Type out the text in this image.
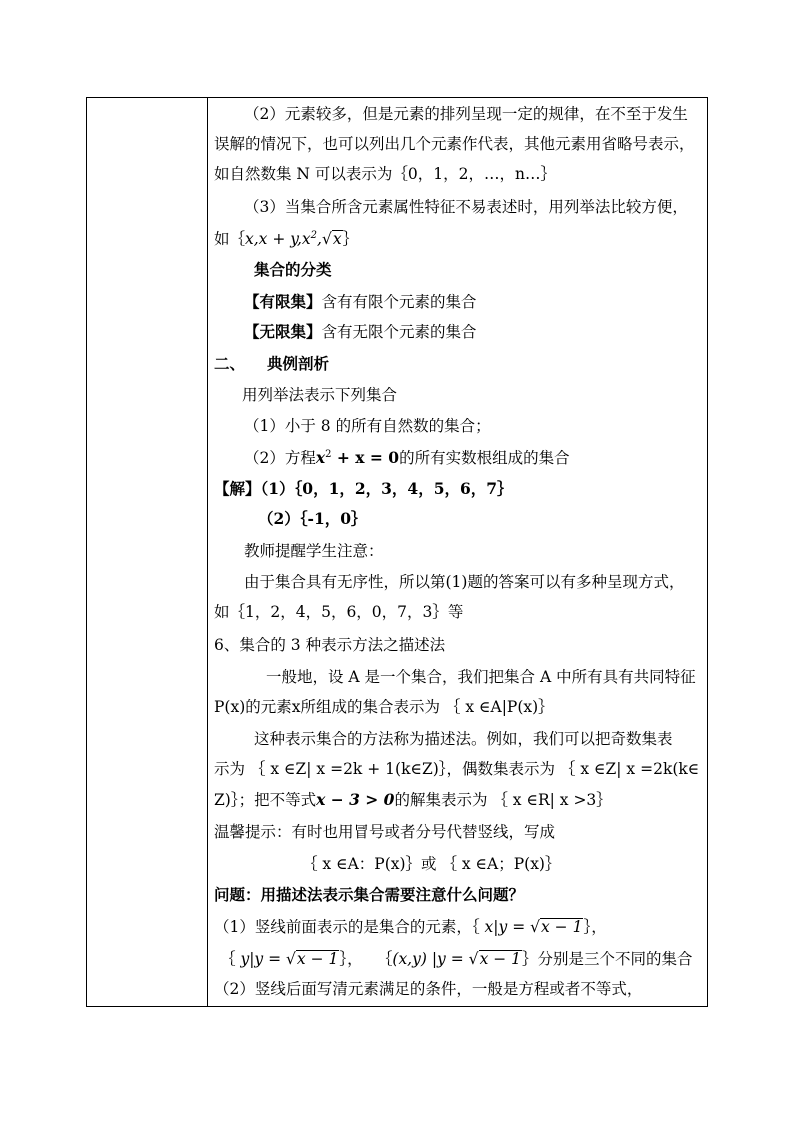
（2）元素较多，但是元素的排列呈现一定的规律，在不至于发生
误解的情况下，也可以列出几个元素作代表，其他元素用省略号表示，
如自然数集 N 可以表示为｛0，1，2，…，n…｝
（3）当集合所含元素属性特征不易表述时，用列举法比较方便，
如｛x,x + $y,x^2,√x\}$
集合的分类
【有限集】含有有限个元素的集合
【无限集】含有无限个元素的集合
二、 典例剖析
用列举法表示下列集合
（1）小于 8 的所有自然数的集合；
（2）方程$x^2 + x = 0$的所有实数根组成的集合
【解】（1）｛0，1，2，3，4，5，6，7｝
（2）｛-1，0｝
教师提醒学生注意：
由于集合具有无序性，所以第(1)题的答案可以有多种呈现方式，
如｛1，2，4，5，6，0，7，3｝等
6、集合的 3 种表示方法之描述法
一般地，设 A 是一个集合，我们把集合 A 中所有具有共同特征
P(x)的元素x所组成的集合表示为 ｛ x ∈A|P(x)｝
这种表示集合的方法称为描述法。例如，我们可以把奇数集表
示为 ｛ x ∈Z| x =2k + 1(k∈Z)｝，偶数集表示为 ｛ x ∈Z| x =2k(k∈
Z)｝；把不等式x − 3 > 0的解集表示为 ｛ x ∈R| x >3｝
温馨提示：有时也用冒号或者分号代替竖线，写成
｛ x ∈A：P(x)｝或 ｛ x ∈A；P(x)｝
问题：用描述法表示集合需要注意什么问题？
（1）竖线前面表示的是集合的元素，｛ x|y = √x − 1｝，
｛ y|y = √x − 1｝， ｛(x,y) |y = √x − 1｝分别是三个不同的集合
（2）竖线后面写清元素满足的条件，一般是方程或者不等式，
